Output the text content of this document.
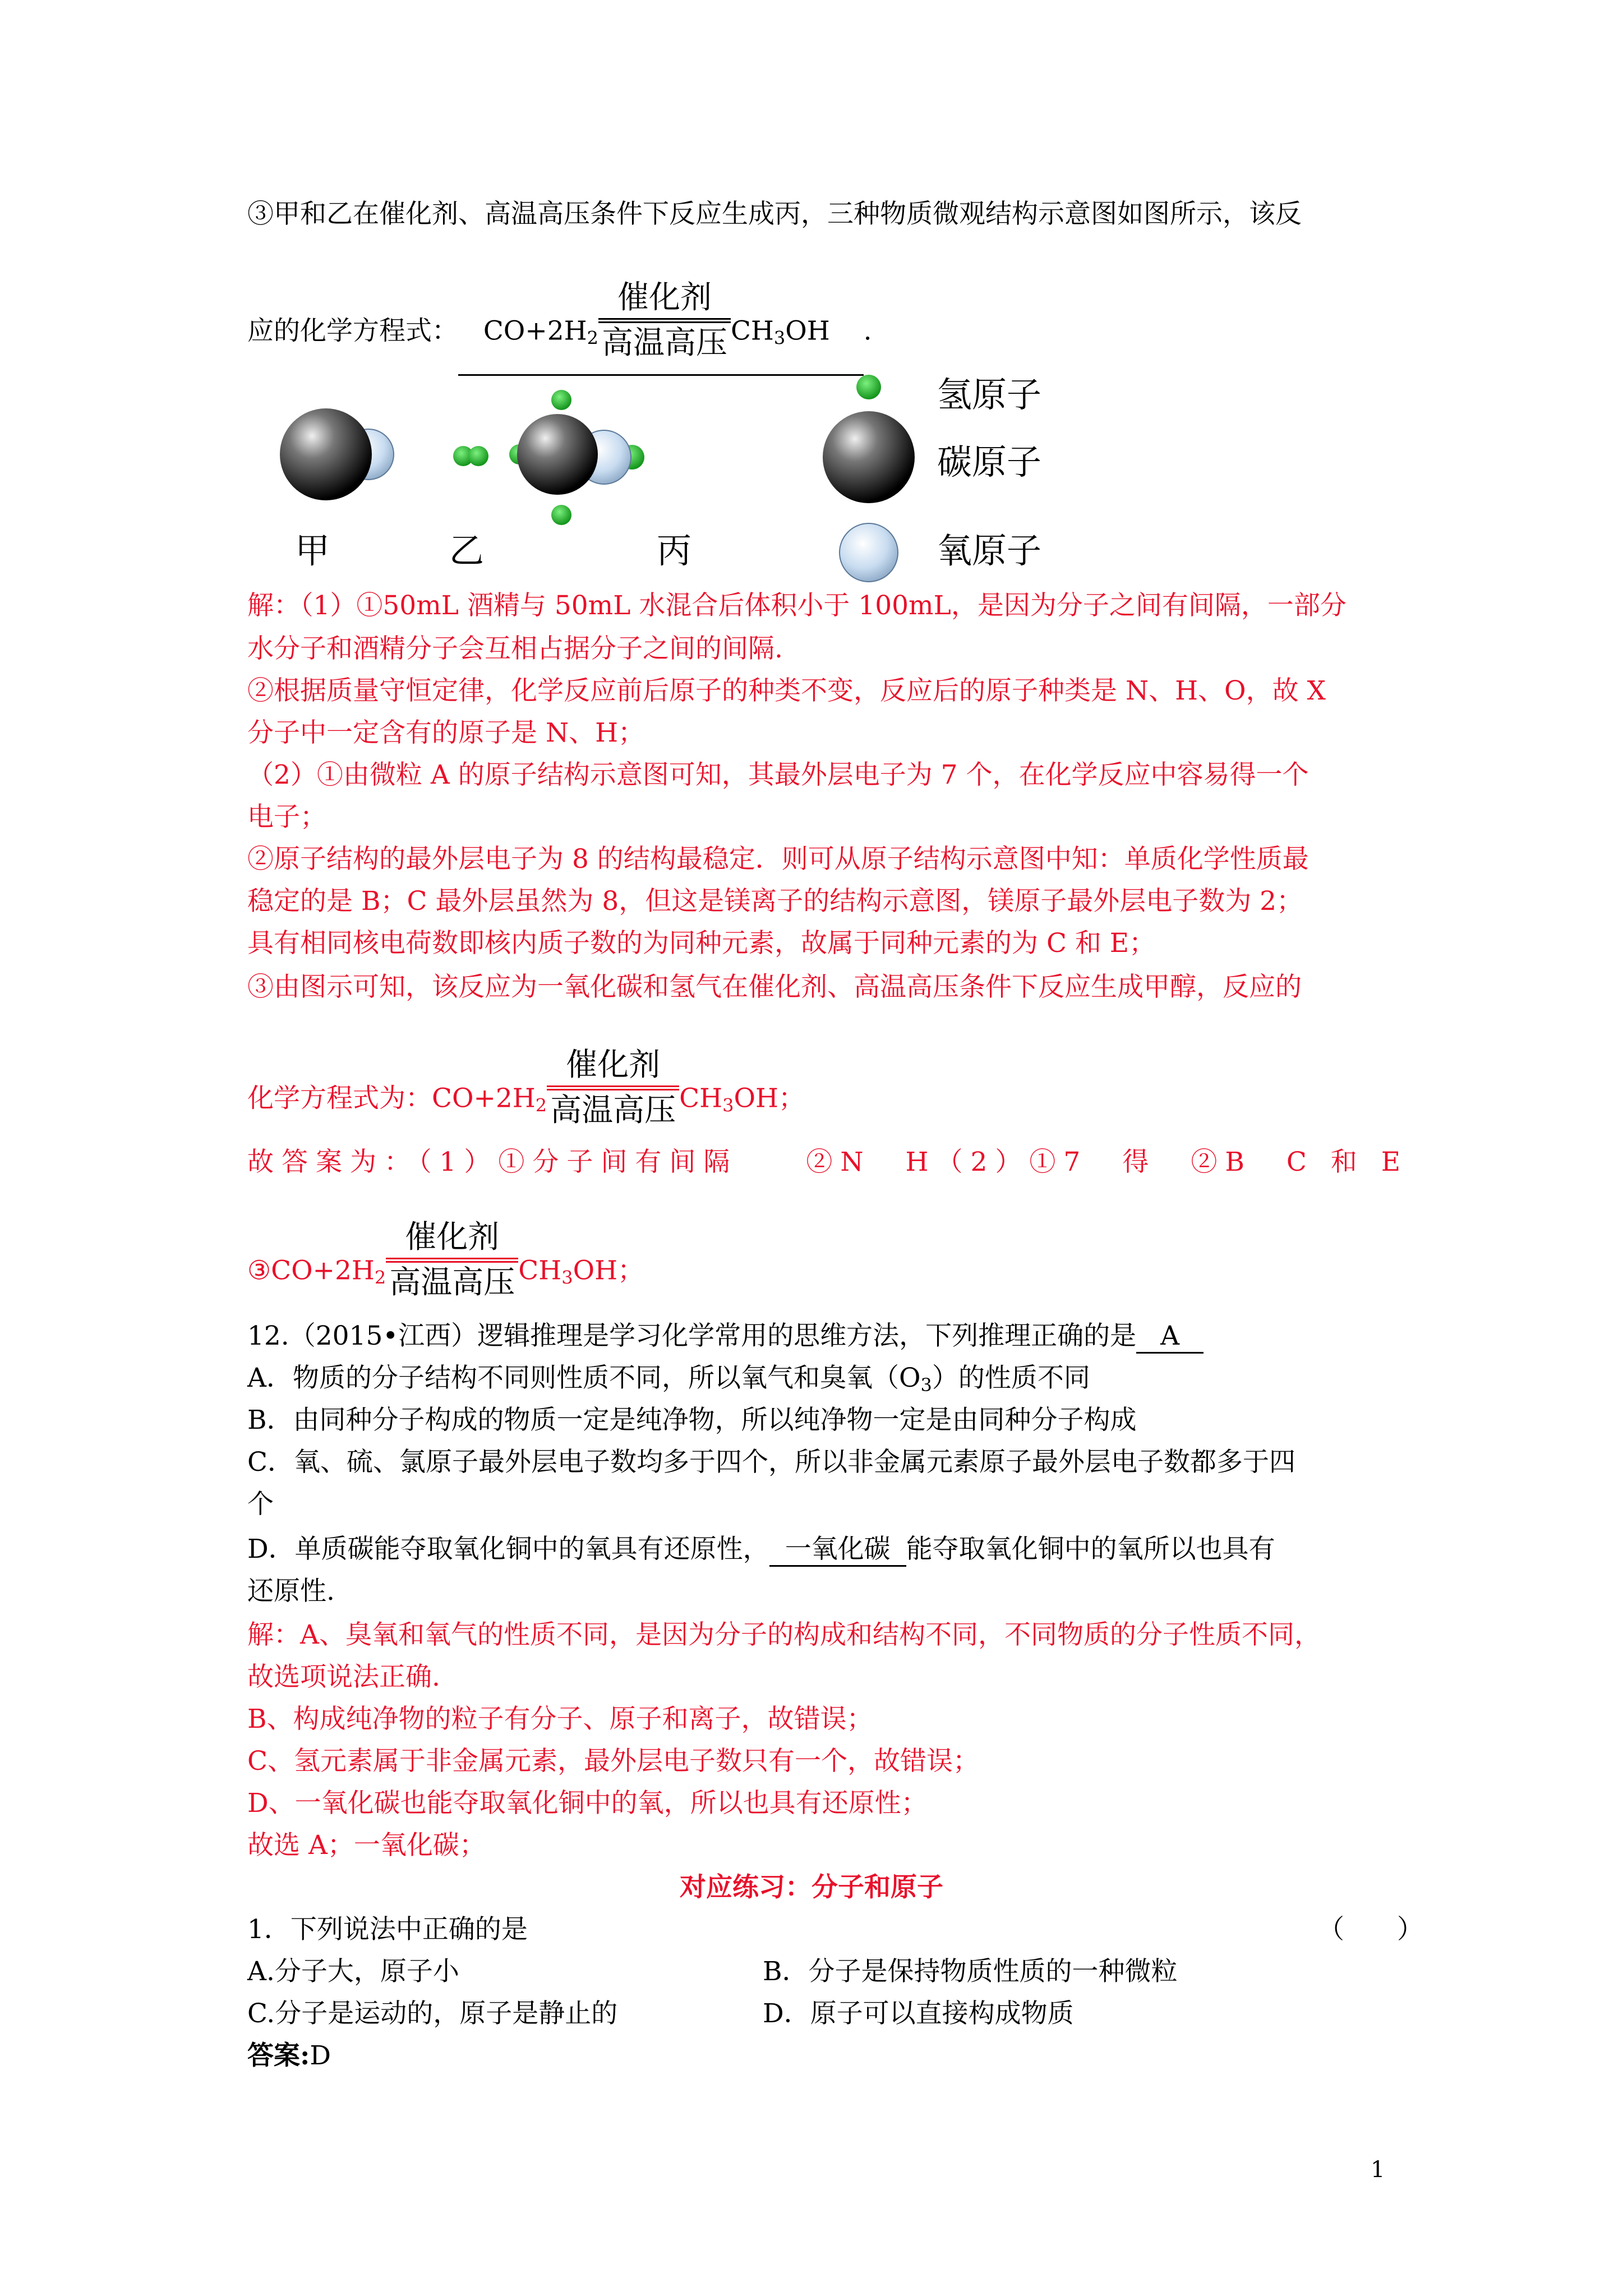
③甲和乙在催化剂、高温高压条件下反应生成丙，三种物质微观结构示意图如图所示，该反
应的化学方程式： $CO+2H_2$
催化剂
高温高压 $CH_3OH$ .
氢原子
碳原子
氧原子
甲	乙	丙
解：（1）①50mL 酒精与 50mL 水混合后体积小于 100mL，是因为分子之间有间隔，一部分
水分子和酒精分子会互相占据分子之间的间隔.
②根据质量守恒定律，化学反应前后原子的种类不变，反应后的原子种类是 N、H、O，故 X
分子中一定含有的原子是 N、H；
（2）①由微粒 A 的原子结构示意图可知，其最外层电子为 7 个，在化学反应中容易得一个
电子；
②原子结构的最外层电子为 8 的结构最稳定．则可从原子结构示意图中知：单质化学性质最
稳定的是 B；C 最外层虽然为 8，但这是镁离子的结构示意图，镁原子最外层电子数为 2；
具有相同核电荷数即核内质子数的为同种元素，故属于同种元素的为 C 和 E；
③由图示可知，该反应为一氧化碳和氢气在催化剂、高温高压条件下反应生成甲醇，反应的
化学方程式为：$CO+2H_2$
催化剂
高温高压 $CH_3OH$；
故答案为：（1）①分子间有间隔　　②N　H（2）①7　得　②B　C 和 E
$③CO+2H_2$
催化剂
高温高压 $CH_3OH$；
12.（2015•江西）逻辑推理是学习化学常用的思维方法，下列推理正确的是 A
A．物质的分子结构不同则性质不同，所以氧气和臭氧$(O_3)$的性质不同
B．由同种分子构成的物质一定是纯净物，所以纯净物一定是由同种分子构成
C．氧、硫、氯原子最外层电子数均多于四个，所以非金属元素原子最外层电子数都多于四
个
D．单质碳能夺取氧化铜中的氧具有还原性， 一氧化碳 能夺取氧化铜中的氧所以也具有
还原性.
解：A、臭氧和氧气的性质不同，是因为分子的构成和结构不同，不同物质的分子性质不同，
故选项说法正确.
B、构成纯净物的粒子有分子、原子和离子，故错误；
C、氢元素属于非金属元素，最外层电子数只有一个，故错误；
D、一氧化碳也能夺取氧化铜中的氧，所以也具有还原性；
故选 A；一氧化碳；
对应练习：分子和原子
1．下列说法中正确的是	（　　）
A.分子大，原子小	B．分子是保持物质性质的一种微粒
C.分子是运动的，原子是静止的	D．原子可以直接构成物质
答案:D
1
